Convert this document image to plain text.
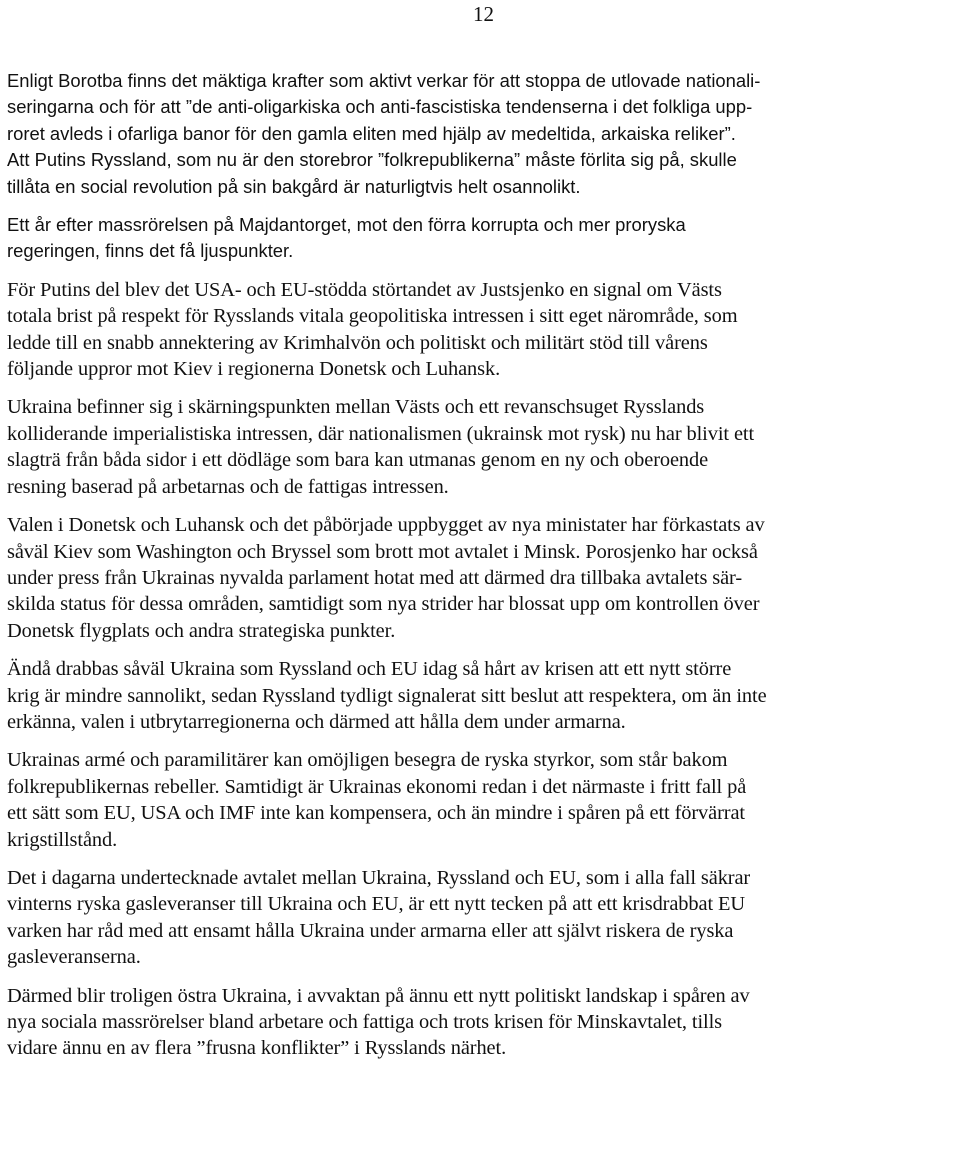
12

Enligt Borotba finns det mäktiga krafter som aktivt verkar för att stoppa de utlovade nationali-
seringarna och för att ”de anti-oligarkiska och anti-fascistiska tendenserna i det folkliga upp-
roret avleds i ofarliga banor för den gamla eliten med hjälp av medeltida, arkaiska reliker”.
Att Putins Ryssland, som nu är den storebror ”folkrepublikerna” måste förlita sig på, skulle
tillåta en social revolution på sin bakgård är naturligtvis helt osannolikt.

Ett år efter massrörelsen på Majdantorget, mot den förra korrupta och mer proryska
regeringen, finns det få ljuspunkter.

För Putins del blev det USA- och EU-stödda störtandet av Justsjenko en signal om Västs
totala brist på respekt för Rysslands vitala geopolitiska intressen i sitt eget närområde, som
ledde till en snabb annektering av Krimhalvön och politiskt och militärt stöd till vårens
följande uppror mot Kiev i regionerna Donetsk och Luhansk.

Ukraina befinner sig i skärningspunkten mellan Västs och ett revanschsuget Rysslands
kolliderande imperialistiska intressen, där nationalismen (ukrainsk mot rysk) nu har blivit ett
slagträ från båda sidor i ett dödläge som bara kan utmanas genom en ny och oberoende
resning baserad på arbetarnas och de fattigas intressen.

Valen i Donetsk och Luhansk och det påbörjade uppbygget av nya ministater har förkastats av
såväl Kiev som Washington och Bryssel som brott mot avtalet i Minsk. Porosjenko har också
under press från Ukrainas nyvalda parlament hotat med att därmed dra tillbaka avtalets sär-
skilda status för dessa områden, samtidigt som nya strider har blossat upp om kontrollen över
Donetsk flygplats och andra strategiska punkter.

Ändå drabbas såväl Ukraina som Ryssland och EU idag så hårt av krisen att ett nytt större
krig är mindre sannolikt, sedan Ryssland tydligt signalerat sitt beslut att respektera, om än inte
erkänna, valen i utbrytarregionerna och därmed att hålla dem under armarna.

Ukrainas armé och paramilitärer kan omöjligen besegra de ryska styrkor, som står bakom
folkrepublikernas rebeller. Samtidigt är Ukrainas ekonomi redan i det närmaste i fritt fall på
ett sätt som EU, USA och IMF inte kan kompensera, och än mindre i spåren på ett förvärrat
krigstillstånd.

Det i dagarna undertecknade avtalet mellan Ukraina, Ryssland och EU, som i alla fall säkrar
vinterns ryska gasleveranser till Ukraina och EU, är ett nytt tecken på att ett krisdrabbat EU
varken har råd med att ensamt hålla Ukraina under armarna eller att självt riskera de ryska
gasleveranserna.

Därmed blir troligen östra Ukraina, i avvaktan på ännu ett nytt politiskt landskap i spåren av
nya sociala massrörelser bland arbetare och fattiga och trots krisen för Minskavtalet, tills
vidare ännu en av flera ”frusna konflikter” i Rysslands närhet.
